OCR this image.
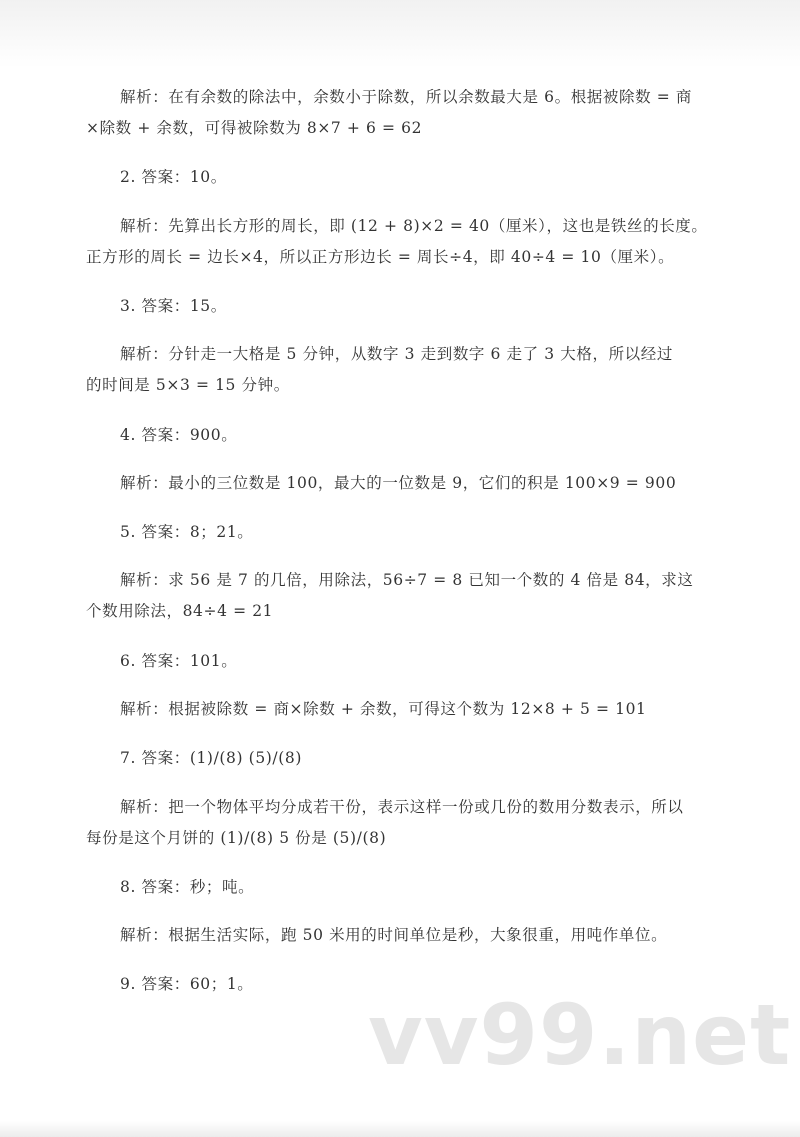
解析：在有余数的除法中，余数小于除数，所以余数最大是 6。根据被除数 = 商
×除数 + 余数，可得被除数为 8×7 + 6 = 62
2. 答案：10。
解析：先算出长方形的周长，即 (12 + 8)×2 = 40（厘米），这也是铁丝的长度。
正方形的周长 = 边长×4，所以正方形边长 = 周长÷4，即 40÷4 = 10（厘米）。
3. 答案：15。
解析：分针走一大格是 5 分钟，从数字 3 走到数字 6 走了 3 大格，所以经过
的时间是 5×3 = 15 分钟。
4. 答案：900。
解析：最小的三位数是 100，最大的一位数是 9，它们的积是 100×9 = 900
5. 答案：8；21。
解析：求 56 是 7 的几倍，用除法，56÷7 = 8 已知一个数的 4 倍是 84，求这
个数用除法，84÷4 = 21
6. 答案：101。
解析：根据被除数 = 商×除数 + 余数，可得这个数为 12×8 + 5 = 101
7. 答案：(1)/(8) (5)/(8)
解析：把一个物体平均分成若干份，表示这样一份或几份的数用分数表示，所以
每份是这个月饼的 (1)/(8) 5 份是 (5)/(8)
8. 答案：秒；吨。
解析：根据生活实际，跑 50 米用的时间单位是秒，大象很重，用吨作单位。
9. 答案：60；1。
vv99.net
